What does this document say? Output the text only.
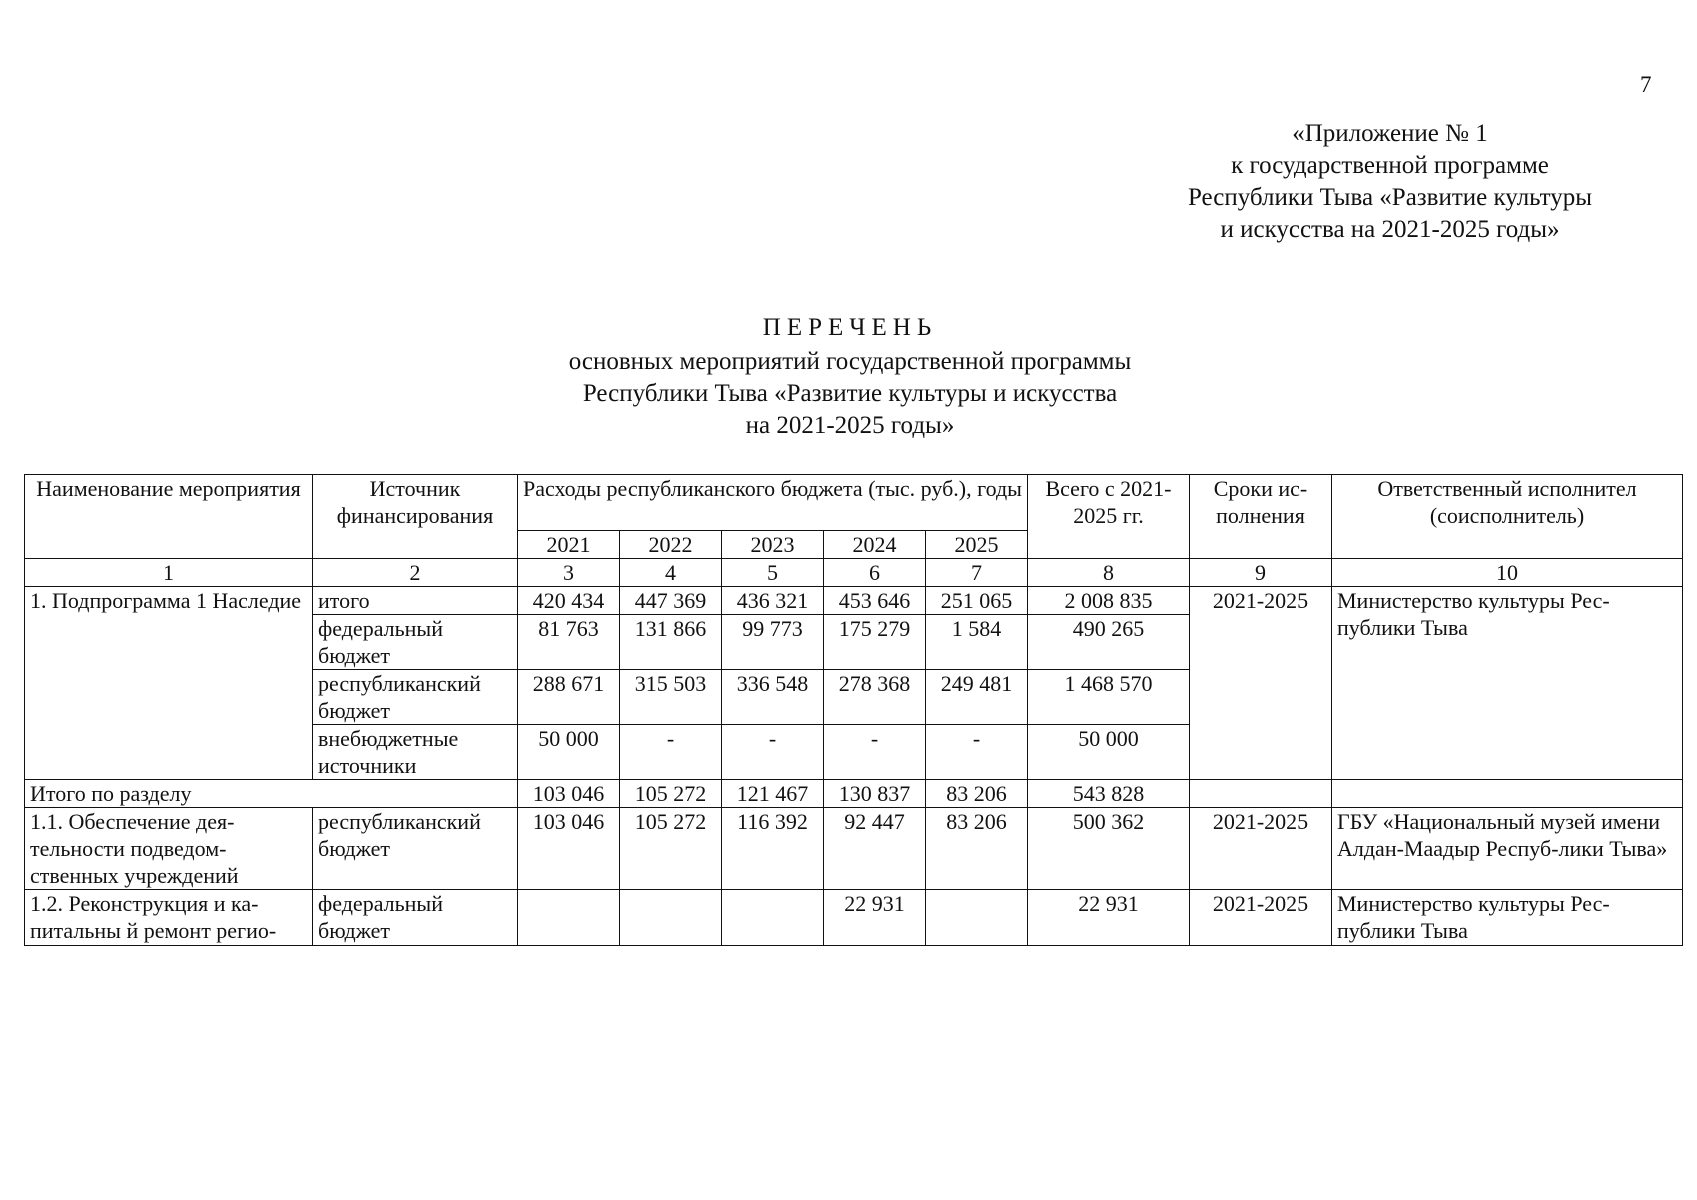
7
«Приложение № 1
к государственной программе
Республики Тыва «Развитие культуры
и искусства на 2021-2025 годы»
ПЕРЕЧЕНЬ
основных мероприятий государственной программы
Республики Тыва «Развитие культуры и искусства
на 2021-2025 годы»
Наименование мероприятия	Источник финансирования	Расходы республиканского бюджета (тыс. руб.), годы					Всего с 2021-2025 гг.	Сроки ис-полнения	Ответственный исполнител (соисполнитель)
		2021	2022	2023	2024	2025			
1	2	3	4	5	6	7	8	9	10
1. Подпрограмма 1 Наследие	итого	420 434	447 369	436 321	453 646	251 065	2 008 835	2021-2025	Министерство культуры Рес-публики Тыва
	федеральный бюджет	81 763	131 866	99 773	175 279	1 584	490 265		
	республиканский бюджет	288 671	315 503	336 548	278 368	249 481	1 468 570		
	внебюджетные источники	50 000	-	-	-	-	50 000		
Итого по разделу		103 046	105 272	121 467	130 837	83 206	543 828		
1.1. Обеспечение дея-тельности подведом-ственных учреждений	республиканский бюджет	103 046	105 272	116 392	92 447	83 206	500 362	2021-2025	ГБУ «Национальный музей имени Алдан-Маадыр Респуб-лики Тыва»
1.2. Реконструкция и ка-питальны й ремонт регио-	федеральный бюджет				22 931		22 931	2021-2025	Министерство культуры Рес-публики Тыва
